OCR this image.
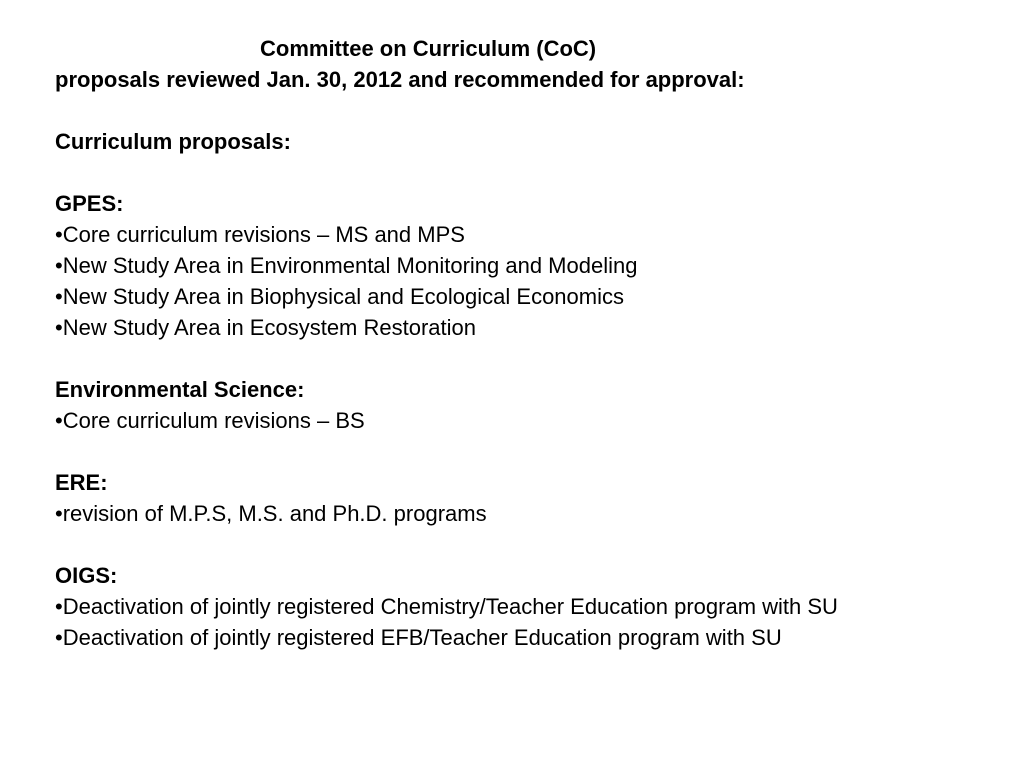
Committee on Curriculum (CoC)
proposals reviewed Jan. 30, 2012 and recommended for approval:
Curriculum proposals:
GPES:
•Core curriculum revisions – MS and MPS
•New Study Area in Environmental Monitoring and Modeling
•New Study Area in Biophysical and Ecological Economics
•New Study Area in Ecosystem Restoration
Environmental Science:
•Core curriculum revisions – BS
ERE:
•revision of M.P.S, M.S. and Ph.D. programs
OIGS:
•Deactivation of jointly registered Chemistry/Teacher Education program with SU
•Deactivation of jointly registered EFB/Teacher Education program with SU
